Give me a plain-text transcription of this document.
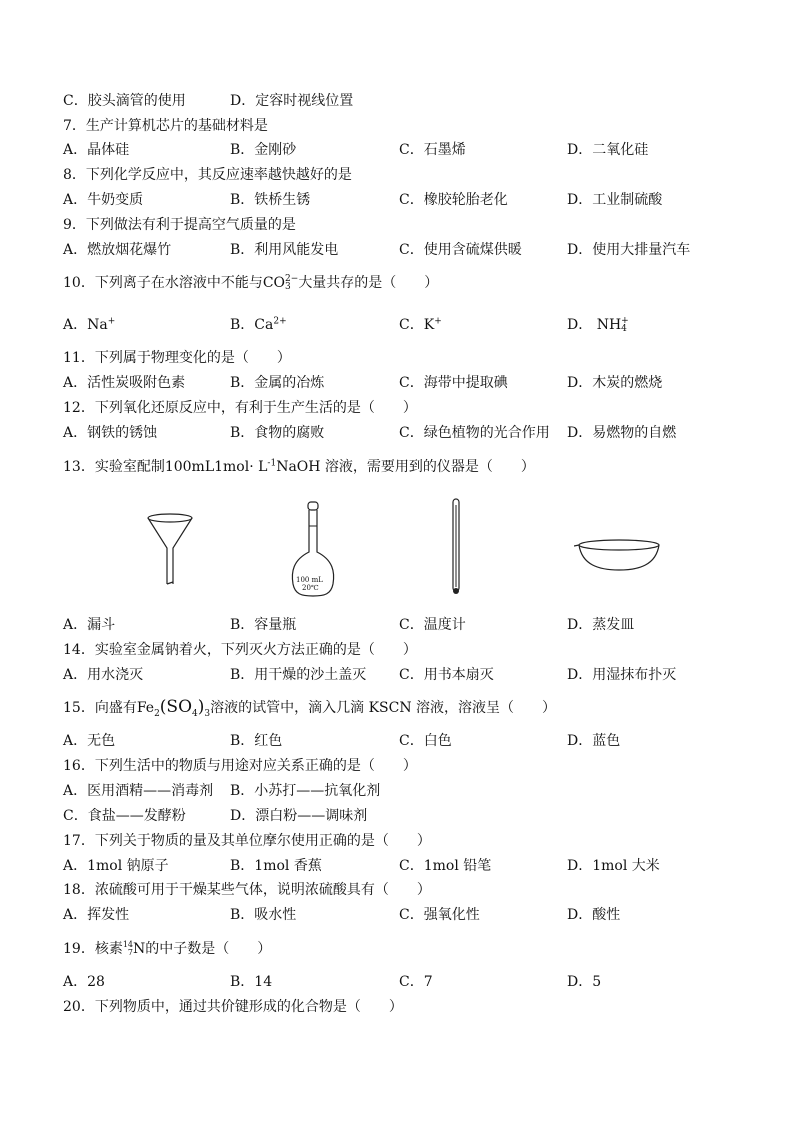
C．胶头滴管的使用	D．定容时视线位置
7．生产计算机芯片的基础材料是
A．晶体硅	B．金刚砂	C．石墨烯	D．二氧化硅
8．下列化学反应中，其反应速率越快越好的是
A．牛奶变质	B．铁桥生锈	C．橡胶轮胎老化	D．工业制硫酸
9．下列做法有利于提高空气质量的是
A．燃放烟花爆竹	B．利用风能发电	C．使用含硫煤供暖	D．使用大排量汽车
10．下列离子在水溶液中不能与CO 2−
3 大量共存的是（　　）
A．Na+	B．$Ca^{2+}$	C．K+	D． NH +
4
11．下列属于物理变化的是（　　）
A．活性炭吸附色素	B．金属的冶炼	C．海带中提取碘	D．木炭的燃烧
12．下列氧化还原反应中，有利于生产生活的是（　　）
A．钢铁的锈蚀	B．食物的腐败	C．绿色植物的光合作用 D．易燃物的自燃
13．实验室配制$100mL1mol\cdot L^{-1}NaOH$ 溶液，需要用到的仪器是（　　）
100 mL
20℃
A．漏斗	B．容量瓶	C．温度计	D．蒸发皿
14．实验室金属钠着火，下列灭火方法正确的是（　　）
A．用水浇灭	B．用干燥的沙土盖灭 C．用书本扇灭	D．用湿抹布扑灭
15．向盛有$Fe_2(SO_4)_3$溶液的试管中，滴入几滴 KSCN 溶液，溶液呈（　　）
A．无色	B．红色	C．白色	D．蓝色
16．下列生活中的物质与用途对应关系正确的是（　　）
A．医用酒精——消毒剂 B．小苏打——抗氧化剂
C．食盐——发酵粉	D．漂白粉——调味剂
17．下列关于物质的量及其单位摩尔使用正确的是（　　）
A．1mol 钠原子	B．1mol 香蕉	C．1mol 铅笔	D．1mol 大米
18．浓硫酸可用于干燥某些气体，说明浓硫酸具有（　　）
A．挥发性	B．吸水性	C．强氧化性	D．酸性
19．核素 14
7 N的中子数是（　　）
A．28	B．14	C．7	D．5
20．下列物质中，通过共价键形成的化合物是（　　）
